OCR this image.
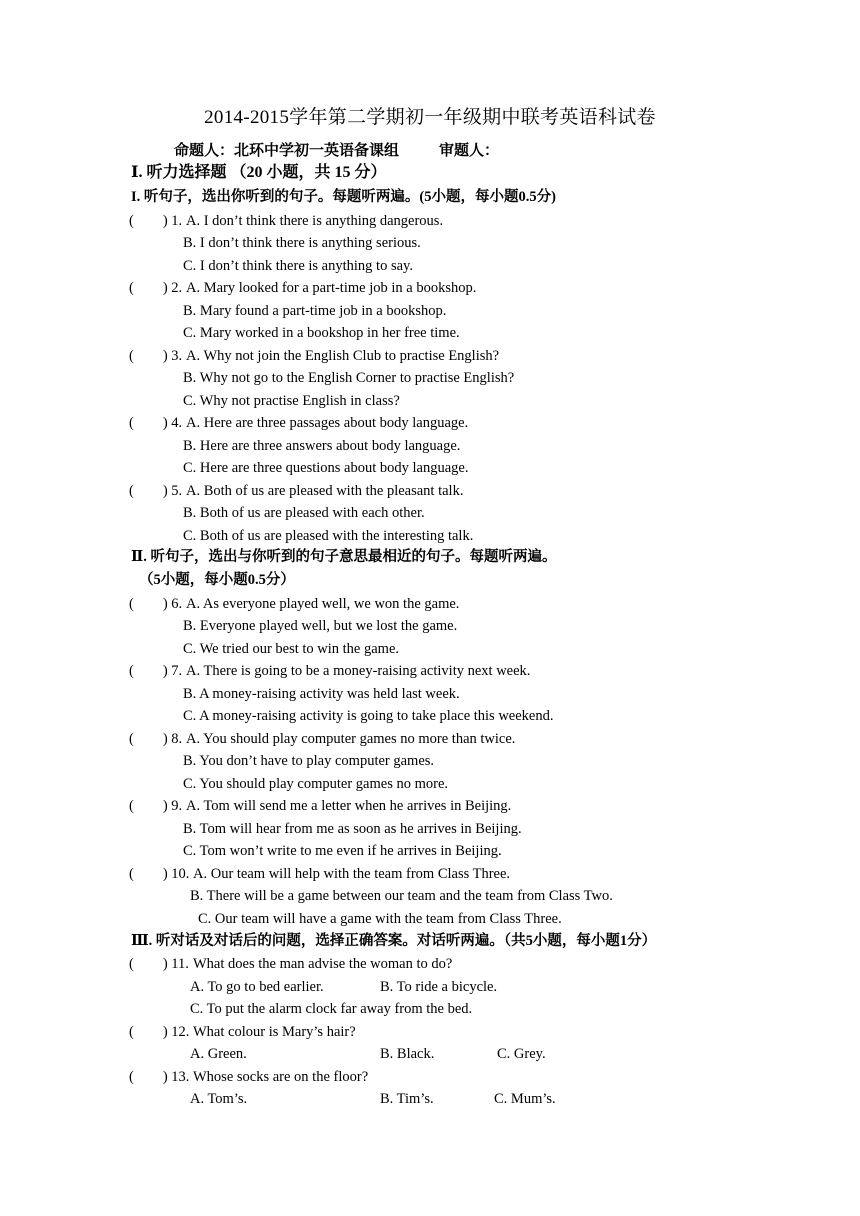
2014-2015学年第二学期初一年级期中联考英语科试卷
命题人：北环中学初一英语备课组	审题人：
Ⅰ. 听力选择题 （20 小题，共 15 分）
I. 听句子，选出你听到的句子。每题听两遍。(5小题，每小题0.5分)
(　　) 1. A. I don’t think there is anything dangerous.
B. I don’t think there is anything serious.
C. I don’t think there is anything to say.
(　　) 2. A. Mary looked for a part-time job in a bookshop.
B. Mary found a part-time job in a bookshop.
C. Mary worked in a bookshop in her free time.
(　　) 3. A. Why not join the English Club to practise English?
B. Why not go to the English Corner to practise English?
C. Why not practise English in class?
(　　) 4. A. Here are three passages about body language.
B. Here are three answers about body language.
C. Here are three questions about body language.
(　　) 5. A. Both of us are pleased with the pleasant talk.
B. Both of us are pleased with each other.
C. Both of us are pleased with the interesting talk.
Ⅱ. 听句子，选出与你听到的句子意思最相近的句子。每题听两遍。
（5小题，每小题0.5分）
(　　) 6. A. As everyone played well, we won the game.
B. Everyone played well, but we lost the game.
C. We tried our best to win the game.
(　　) 7. A. There is going to be a money-raising activity next week.
B. A money-raising activity was held last week.
C. A money-raising activity is going to take place this weekend.
(　　) 8. A. You should play computer games no more than twice.
B. You don’t have to play computer games.
C. You should play computer games no more.
(　　) 9. A. Tom will send me a letter when he arrives in Beijing.
B. Tom will hear from me as soon as he arrives in Beijing.
C. Tom won’t write to me even if he arrives in Beijing.
(　　) 10. A. Our team will help with the team from Class Three.
B. There will be a game between our team and the team from Class Two.
C. Our team will have a game with the team from Class Three.
Ⅲ. 听对话及对话后的问题，选择正确答案。对话听两遍。（共5小题，每小题1分）
(　　) 11. What does the man advise the woman to do?
A. To go to bed earlier.	B. To ride a bicycle.
C. To put the alarm clock far away from the bed.
(　　) 12. What colour is Mary’s hair?
A. Green.	B. Black.	C. Grey.
(　　) 13. Whose socks are on the floor?
A. Tom’s.	B. Tim’s.	C. Mum’s.
